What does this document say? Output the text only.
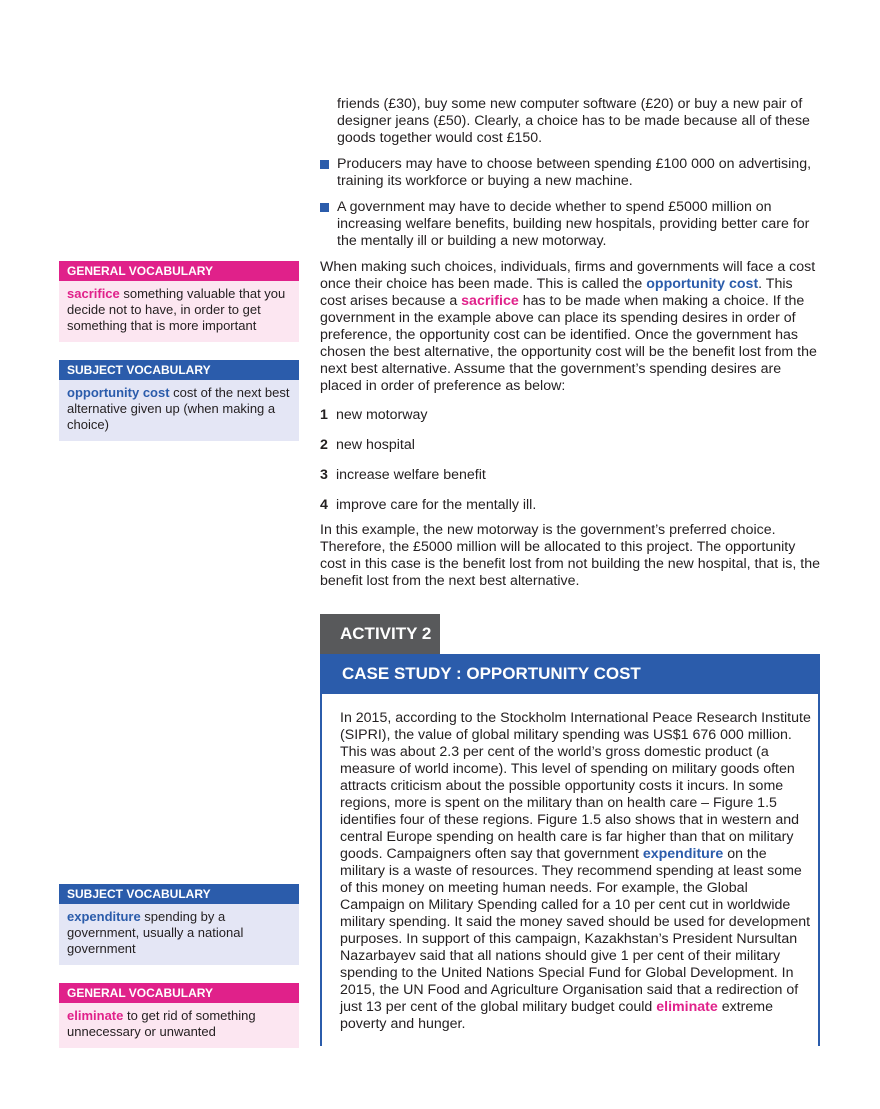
friends (£30), buy some new computer software (£20) or buy a new pair of designer jeans (£50). Clearly, a choice has to be made because all of these goods together would cost £150.

Producers may have to choose between spending £100 000 on advertising, training its workforce or buying a new machine.
A government may have to decide whether to spend £5000 million on increasing welfare benefits, building new hospitals, providing better care for the mentally ill or building a new motorway.

When making such choices, individuals, firms and governments will face a cost once their choice has been made. This is called the opportunity cost. This cost arises because a sacrifice has to be made when making a choice. If the government in the example above can place its spending desires in order of preference, the opportunity cost can be identified. Once the government has chosen the best alternative, the opportunity cost will be the benefit lost from the next best alternative. Assume that the government’s spending desires are placed in order of preference as below:

1 new motorway
2 new hospital
3 increase welfare benefit
4 improve care for the mentally ill.

In this example, the new motorway is the government’s preferred choice. Therefore, the £5000 million will be allocated to this project. The opportunity cost in this case is the benefit lost from not building the new hospital, that is, the benefit lost from the next best alternative.

ACTIVITY 2
CASE STUDY : OPPORTUNITY COST

In 2015, according to the Stockholm International Peace Research Institute (SIPRI), the value of global military spending was US$1 676 000 million. This was about 2.3 per cent of the world’s gross domestic product (a measure of world income). This level of spending on military goods often attracts criticism about the possible opportunity costs it incurs. In some regions, more is spent on the military than on health care – Figure 1.5 identifies four of these regions. Figure 1.5 also shows that in western and central Europe spending on health care is far higher than that on military goods. Campaigners often say that government expenditure on the military is a waste of resources. They recommend spending at least some of this money on meeting human needs. For example, the Global Campaign on Military Spending called for a 10 per cent cut in worldwide military spending. It said the money saved should be used for development purposes. In support of this campaign, Kazakhstan’s President Nursultan Nazarbayev said that all nations should give 1 per cent of their military spending to the United Nations Special Fund for Global Development. In 2015, the UN Food and Agriculture Organisation said that a redirection of just 13 per cent of the global military budget could eliminate extreme poverty and hunger.

GENERAL VOCABULARY
sacrifice something valuable that you decide not to have, in order to get something that is more important
SUBJECT VOCABULARY
opportunity cost cost of the next best alternative given up (when making a choice)
SUBJECT VOCABULARY
expenditure spending by a government, usually a national government
GENERAL VOCABULARY
eliminate to get rid of something unnecessary or unwanted
